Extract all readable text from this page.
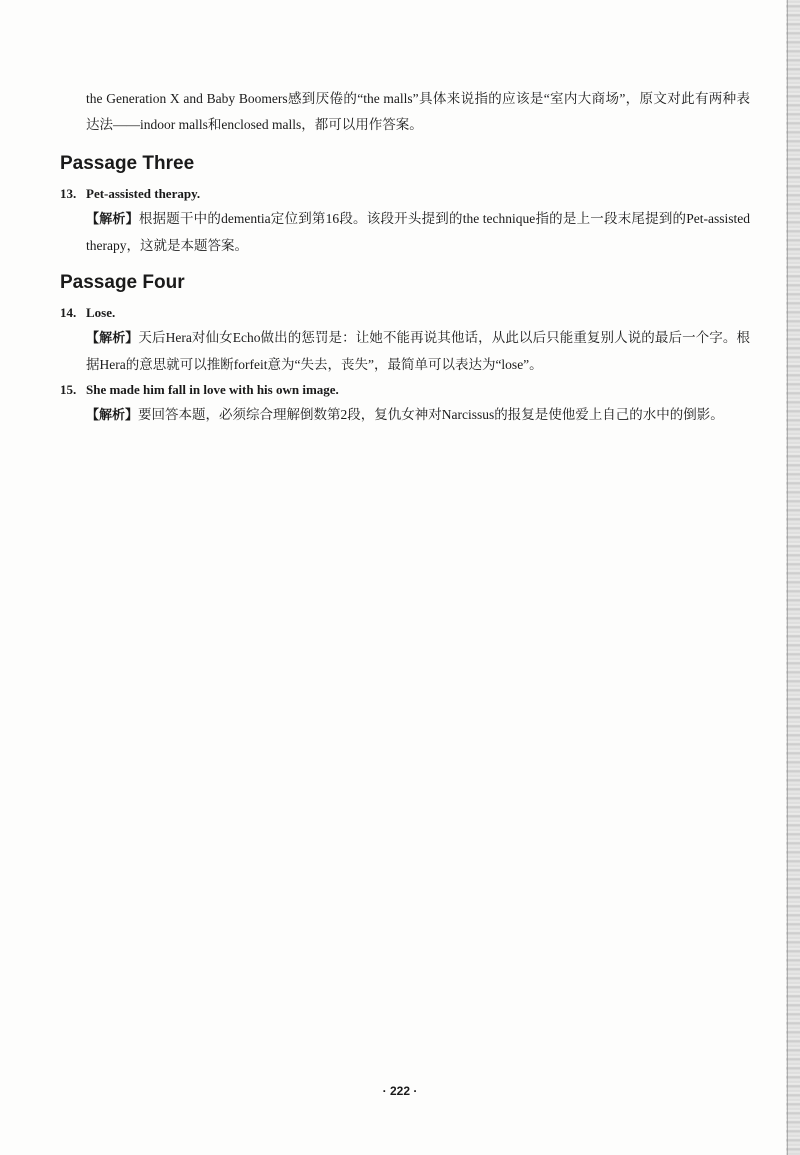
the Generation X and Baby Boomers感到厌倦的“the malls”具体来说指的应该是“室内大商场”，原文对此有两种表达法——indoor malls和enclosed malls，都可以用作答案。

Passage Three
13. Pet-assisted therapy.

【解析】根据题干中的dementia定位到第16段。该段开头提到的the technique指的是上一段末尾提到的Pet-assisted therapy，这就是本题答案。

Passage Four
14. Lose.

【解析】天后Hera对仙女Echo做出的惩罚是：让她不能再说其他话，从此以后只能重复别人说的最后一个字。根据Hera的意思就可以推断forfeit意为“失去，丧失”，最简单可以表达为“lose”。

15. She made him fall in love with his own image.

【解析】要回答本题，必须综合理解倒数第2段，复仇女神对Narcissus的报复是使他爱上自己的水中的倒影。

· 222 ·
